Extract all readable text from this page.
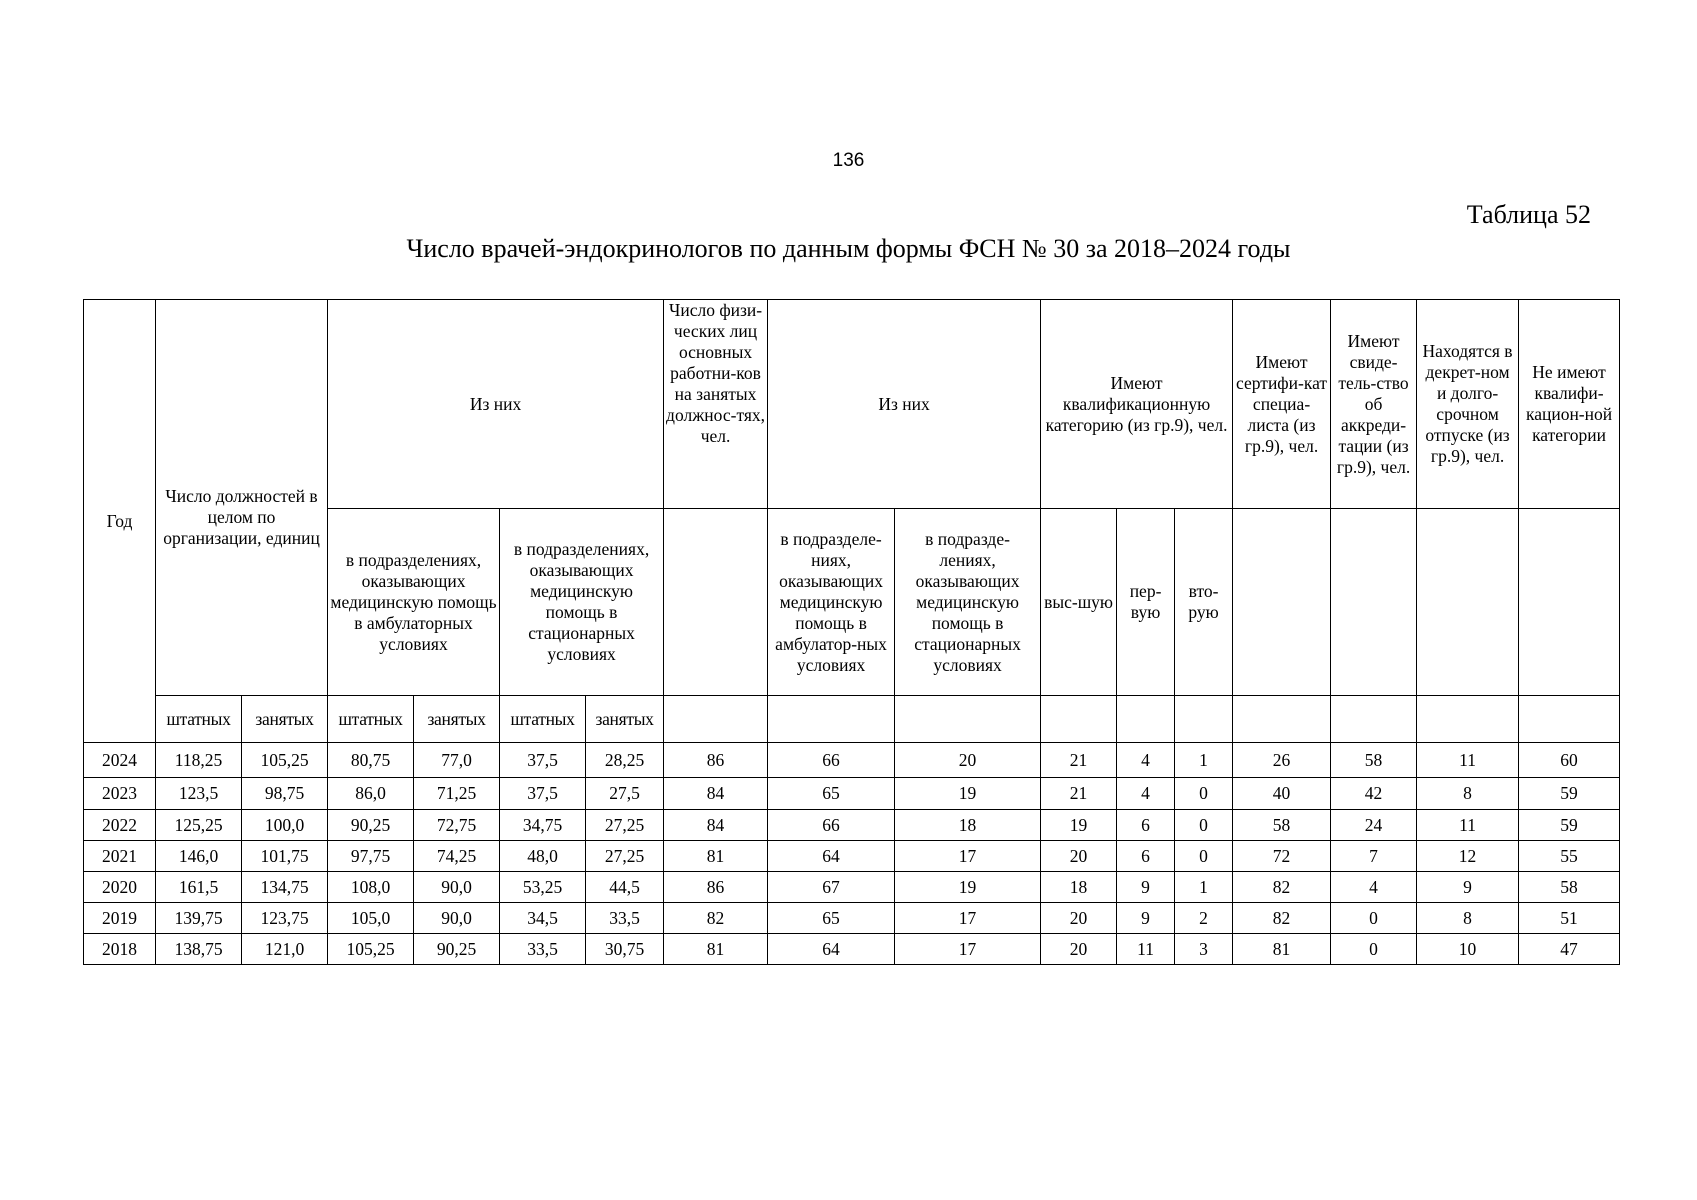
136
Таблица 52
Число врачей-эндокринологов по данным формы ФСН № 30 за 2018–2024 годы
Год	Число должностей в целом по организации, единиц		Из них				Число физи-ческих лиц основных работни-ков на занятых должнос-тях, чел.	Из них		Имеют квалификационную категорию (из гр.9), чел.			Имеют сертифи-кат специа-листа (из гр.9), чел.	Имеют свиде-тель-ство об аккреди-тации (из гр.9), чел.	Находятся в декрет-ном и долго-срочном отпуске (из гр.9), чел.	Не имеют квалифи-кацион-ной категории
			в подразделениях, оказывающих медицинскую помощь в амбулаторных условиях		в подразделениях, оказывающих медицинскую помощь в стационарных условиях			в подразделе-ниях, оказывающих медицинскую помощь в амбулатор-ных условиях	в подразде-лениях, оказывающих медицинскую помощь в стационарных условиях	выс-шую	пер-вую	вто-рую				
	штатных	занятых	штатных	занятых	штатных	занятых										
2024	118,25	105,25	80,75	77,0	37,5	28,25	86	66	20	21	4	1	26	58	11	60
2023	123,5	98,75	86,0	71,25	37,5	27,5	84	65	19	21	4	0	40	42	8	59
2022	125,25	100,0	90,25	72,75	34,75	27,25	84	66	18	19	6	0	58	24	11	59
2021	146,0	101,75	97,75	74,25	48,0	27,25	81	64	17	20	6	0	72	7	12	55
2020	161,5	134,75	108,0	90,0	53,25	44,5	86	67	19	18	9	1	82	4	9	58
2019	139,75	123,75	105,0	90,0	34,5	33,5	82	65	17	20	9	2	82	0	8	51
2018	138,75	121,0	105,25	90,25	33,5	30,75	81	64	17	20	11	3	81	0	10	47
